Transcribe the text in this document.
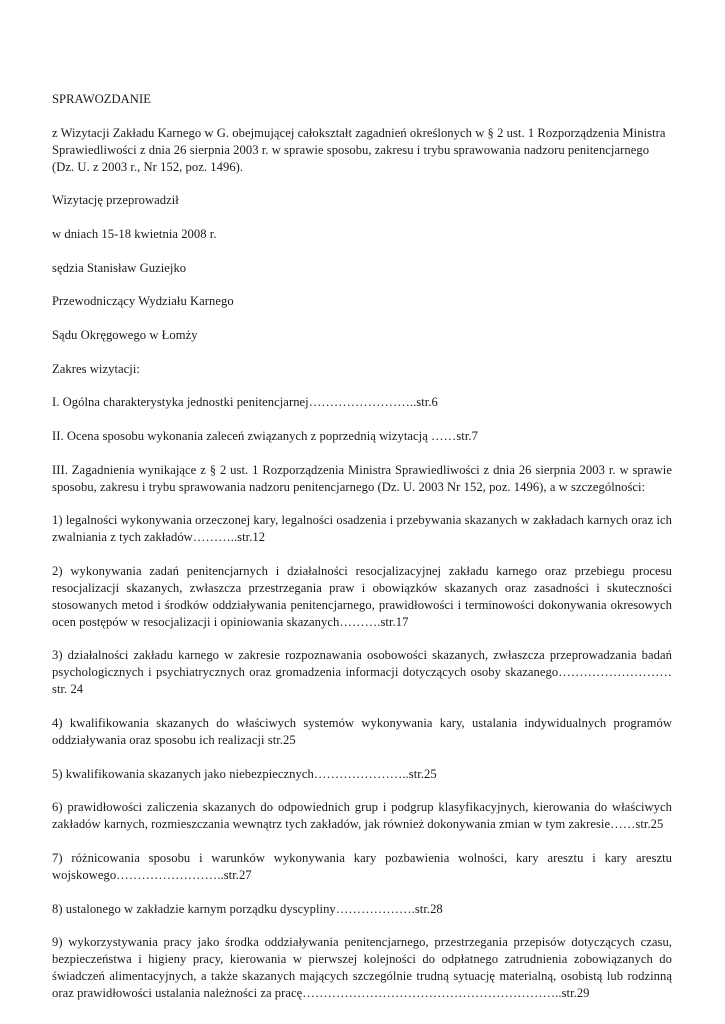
SPRAWOZDANIE

z Wizytacji Zakładu Karnego w G. obejmującej całokształt zagadnień określonych w § 2 ust. 1 Rozporządzenia Ministra Sprawiedliwości z dnia 26 sierpnia 2003 r. w sprawie sposobu, zakresu i trybu sprawowania nadzoru penitencjarnego (Dz. U. z 2003 r., Nr 152, poz. 1496).

Wizytację przeprowadził

w dniach 15-18 kwietnia 2008 r.

sędzia Stanisław Guziejko

Przewodniczący Wydziału Karnego

Sądu Okręgowego w Łomży

Zakres wizytacji:

I. Ogólna charakterystyka jednostki penitencjarnej……………………..str.6

II. Ocena sposobu wykonania zaleceń związanych z poprzednią wizytacją ……str.7

III. Zagadnienia wynikające z § 2 ust. 1 Rozporządzenia Ministra Sprawiedliwości z dnia 26 sierpnia 2003 r. w sprawie sposobu, zakresu i trybu sprawowania nadzoru penitencjarnego (Dz. U. 2003 Nr 152, poz. 1496), a w szczególności:

1) legalności wykonywania orzeczonej kary, legalności osadzenia i przebywania skazanych w zakładach karnych oraz ich zwalniania z tych zakładów………..str.12

2) wykonywania zadań penitencjarnych i działalności resocjalizacyjnej zakładu karnego oraz przebiegu procesu resocjalizacji skazanych, zwłaszcza przestrzegania praw i obowiązków skazanych oraz zasadności i skuteczności stosowanych metod i środków oddziaływania penitencjarnego, prawidłowości i terminowości dokonywania okresowych ocen postępów w resocjalizacji i opiniowania skazanych……….str.17

3) działalności zakładu karnego w zakresie rozpoznawania osobowości skazanych, zwłaszcza przeprowadzania badań psychologicznych i psychiatrycznych oraz gromadzenia informacji dotyczących osoby skazanego………………………str. 24

4) kwalifikowania skazanych do właściwych systemów wykonywania kary, ustalania indywidualnych programów oddziaływania oraz sposobu ich realizacji str.25

5) kwalifikowania skazanych jako niebezpiecznych…………………..str.25

6) prawidłowości zaliczenia skazanych do odpowiednich grup i podgrup klasyfikacyjnych, kierowania do właściwych zakładów karnych, rozmieszczania wewnątrz tych zakładów, jak również dokonywania zmian w tym zakresie……str.25

7) różnicowania sposobu i warunków wykonywania kary pozbawienia wolności, kary aresztu i kary aresztu wojskowego……………………..str.27

8) ustalonego w zakładzie karnym porządku dyscypliny……………….str.28

9) wykorzystywania pracy jako środka oddziaływania penitencjarnego, przestrzegania przepisów dotyczących czasu, bezpieczeństwa i higieny pracy, kierowania w pierwszej kolejności do odpłatnego zatrudnienia zobowiązanych do świadczeń alimentacyjnych, a także skazanych mających szczególnie trudną sytuację materialną, osobistą lub rodzinną oraz prawidłowości ustalania należności za pracę……………………………………………………..str.29
